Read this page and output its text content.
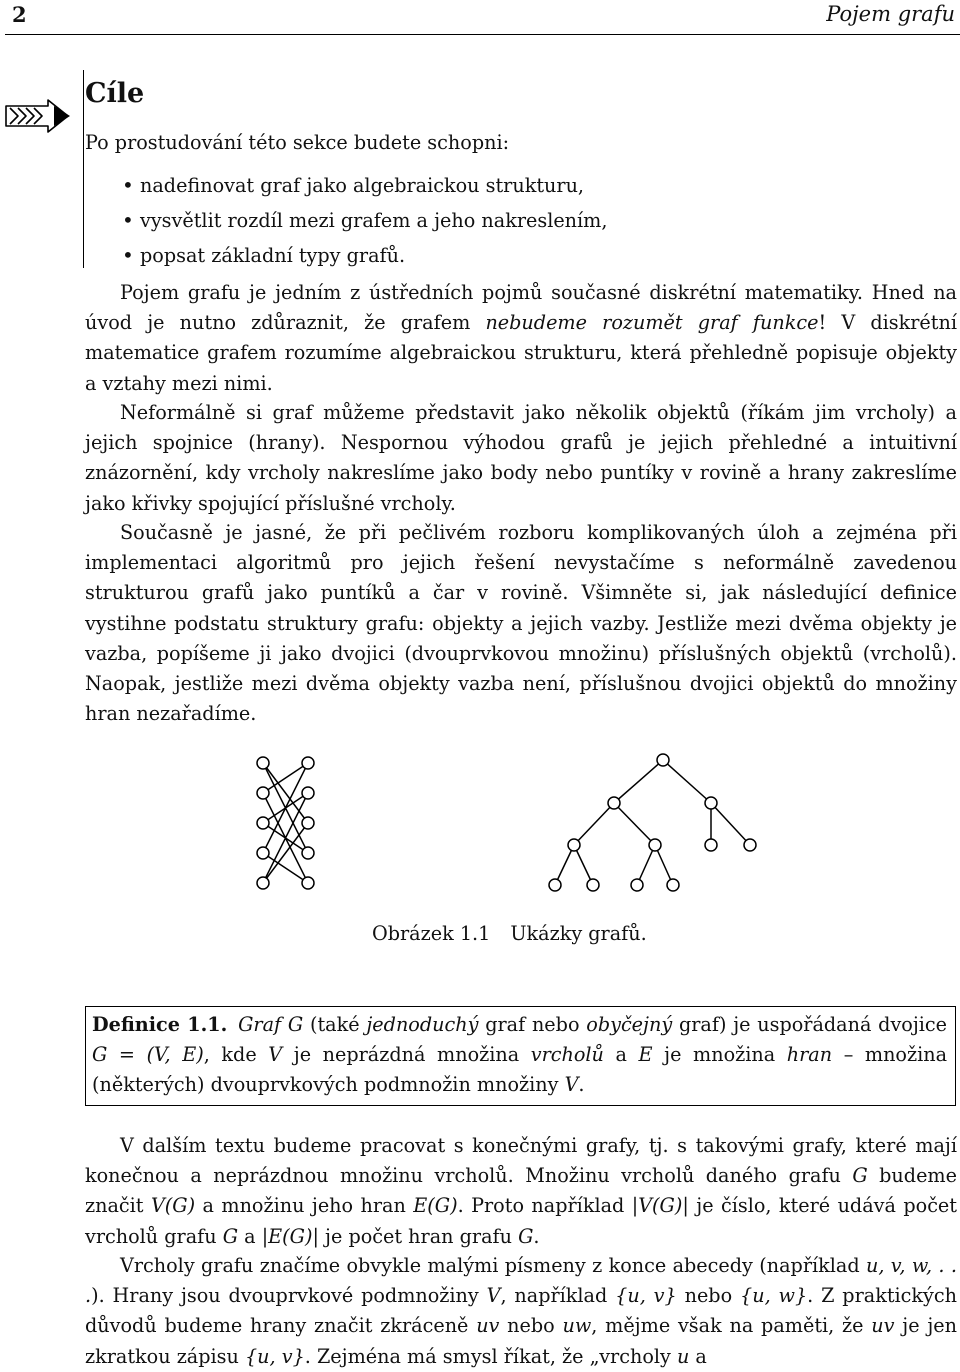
2	Pojem grafu
Cíle
Po prostudování této sekce budete schopni:
• nadefinovat graf jako algebraickou strukturu,
• vysvětlit rozdíl mezi grafem a jeho nakreslením,
• popsat základní typy grafů.
Pojem grafu je jedním z ústředních pojmů současné diskrétní matematiky. Hned na úvod je nutno zdůraznit, že grafem nebudeme rozumět graf funkce! V diskrétní matematice grafem rozumíme algebraickou strukturu, která přehledně popisuje objekty a vztahy mezi nimi.
Neformálně si graf můžeme představit jako několik objektů (říkám jim vrcholy) a jejich spojnice (hrany). Nespornou výhodou grafů je jejich přehledné a intuitivní znázornění, kdy vrcholy nakreslíme jako body nebo puntíky v rovině a hrany zakreslíme jako křivky spojující příslušné vrcholy.
Současně je jasné, že při pečlivém rozboru komplikovaných úloh a zejména při implementaci algoritmů pro jejich řešení nevystačíme s neformálně zavedenou strukturou grafů jako puntíků a čar v rovině. Všimněte si, jak následující definice vystihne podstatu struktury grafu: objekty a jejich vazby. Jestliže mezi dvěma objekty je vazba, popíšeme ji jako dvojici (dvouprvkovou množinu) příslušných objektů (vrcholů). Naopak, jestliže mezi dvěma objekty vazba není, příslušnou dvojici objektů do množiny hran nezařadíme.
Obrázek 1.1 Ukázky grafů.
Definice 1.1. Graf G (také jednoduchý graf nebo obyčejný graf) je uspořádaná dvojice G = (V, E), kde V je neprázdná množina vrcholů a E je množina hran – množina (některých) dvouprvkových podmnožin množiny V.
V dalším textu budeme pracovat s konečnými grafy, tj. s takovými grafy, které mají konečnou a neprázdnou množinu vrcholů. Množinu vrcholů daného grafu G budeme značit V(G) a množinu jeho hran E(G). Proto například |V(G)| je číslo, které udává počet vrcholů grafu G a |E(G)| je počet hran grafu G.
Vrcholy grafu značíme obvykle malými písmeny z konce abecedy (například u, v, w, . . .). Hrany jsou dvouprvkové podmnožiny V, například {u, v} nebo {u, w}. Z praktických důvodů budeme hrany značit zkráceně uv nebo uw, mějme však na paměti, že uv je jen zkratkou zápisu {u, v}. Zejména má smysl říkat, že „vrcholy u a
